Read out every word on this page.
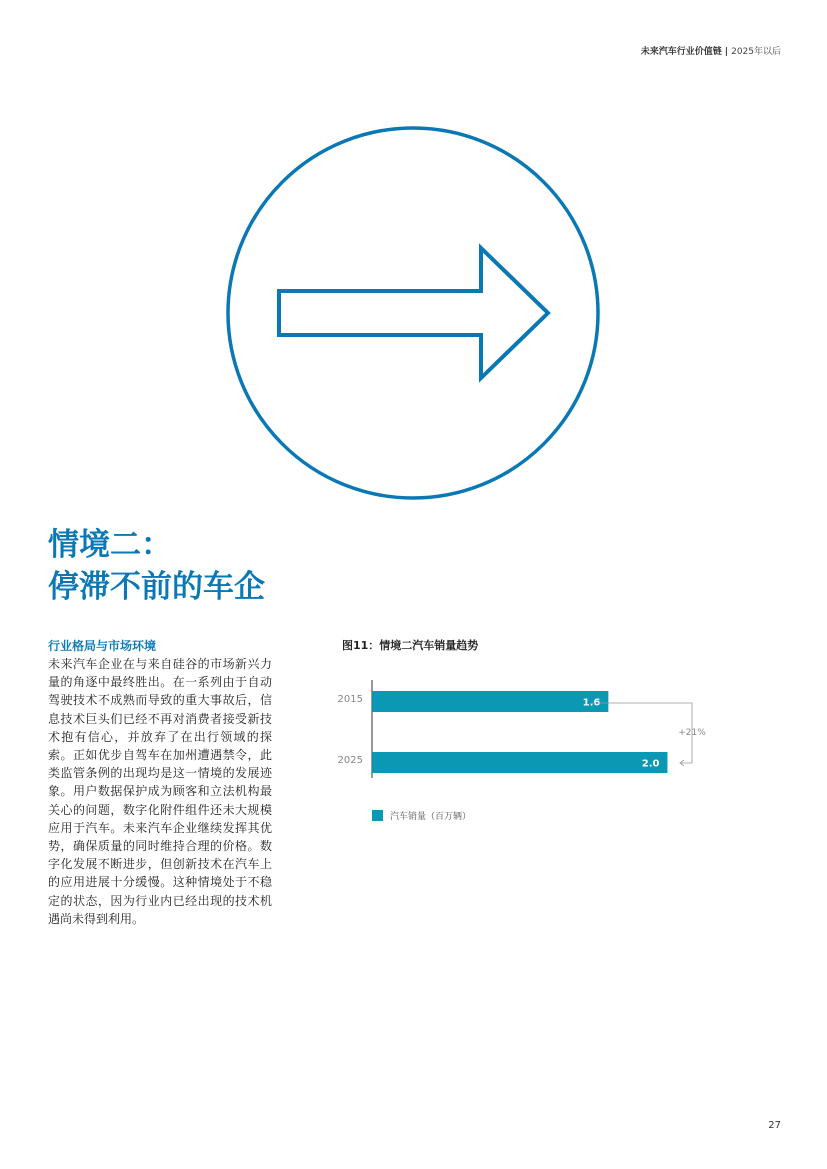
未来汽车行业价值链 | 2025年以后
情境二：
停滞不前的车企
行业格局与市场环境

未来汽车企业在与来自硅谷的市场新兴力量的角逐中最终胜出。在一系列由于自动驾驶技术不成熟而导致的重大事故后，信息技术巨头们已经不再对消费者接受新技术抱有信心，并放弃了在出行领域的探索。正如优步自驾车在加州遭遇禁令，此类监管条例的出现均是这一情境的发展迹象。用户数据保护成为顾客和立法机构最关心的问题，数字化附件组件还未大规模应用于汽车。未来汽车企业继续发挥其优势，确保质量的同时维持合理的价格。数字化发展不断进步，但创新技术在汽车上的应用进展十分缓慢。这种情境处于不稳定的状态，因为行业内已经出现的技术机遇尚未得到利用。

图11：情境二汽车销量趋势
2015	1.6
2025	2.0
+21%
汽车销量（百万辆）
27
